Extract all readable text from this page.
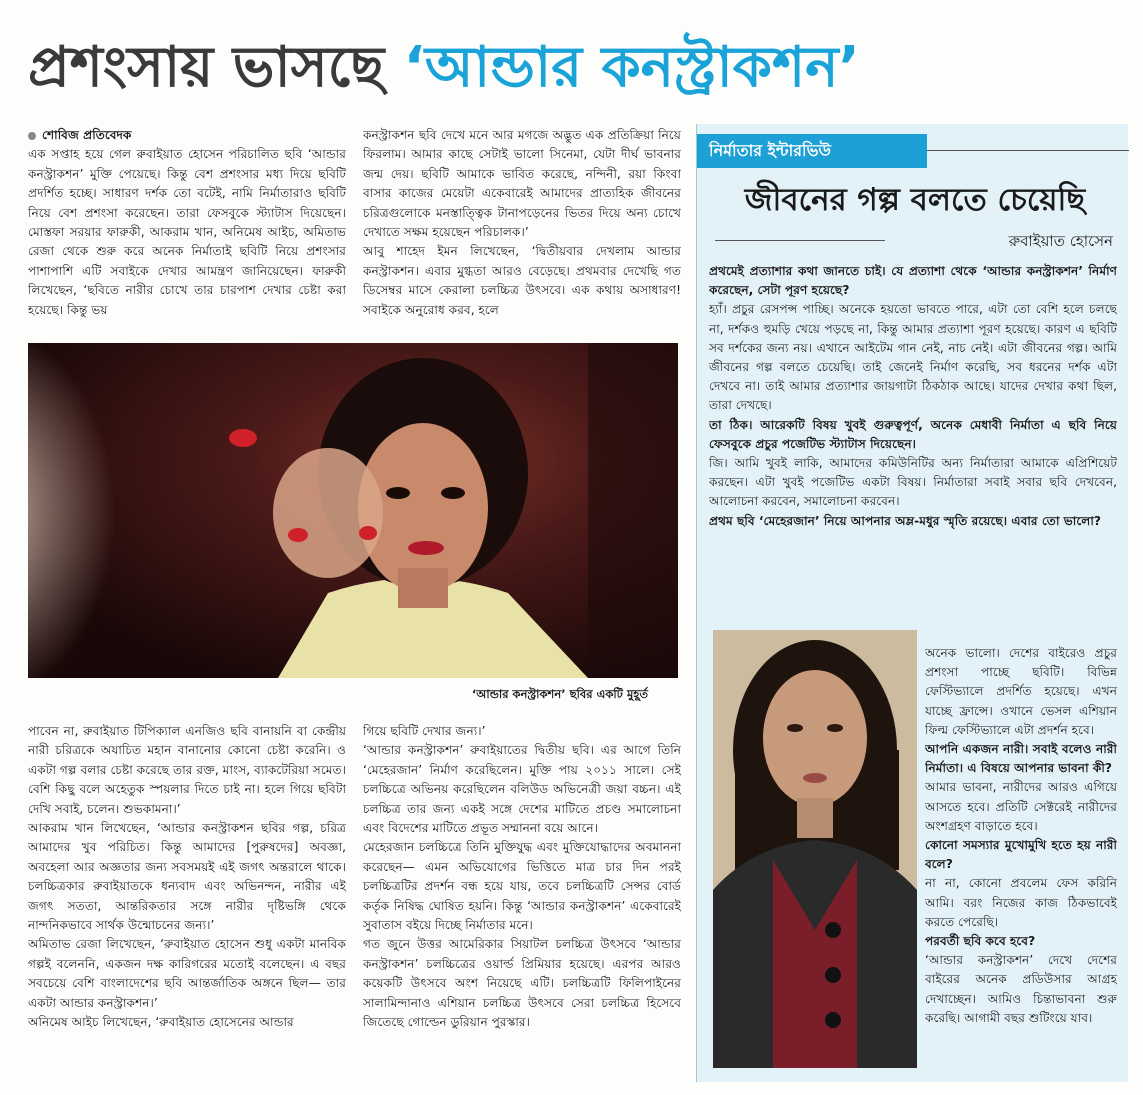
প্রশংসায় ভাসছে ‘আন্ডার কনস্ট্রাকশন’

শোবিজ প্রতিবেদক

এক সপ্তাহ হয়ে গেল রুবাইয়াত হোসেন পরিচালিত ছবি ‘আন্ডার কনস্ট্রাকশন’ মুক্তি পেয়েছে। কিন্তু বেশ প্রশংসার মধ্য দিয়ে ছবিটি প্রদর্শিত হচ্ছে। সাধারণ দর্শক তো বটেই, নামি নির্মাতারাও ছবিটি নিয়ে বেশ প্রশংসা করেছেন। তারা ফেসবুকে স্ট্যাটাস দিয়েছেন। মোস্তফা সরয়ার ফারুকী, আকরাম খান, অনিমেষ আইচ, অমিতাভ রেজা থেকে শুরু করে অনেক নির্মাতাই ছবিটি নিয়ে প্রশংসার পাশাপাশি এটি সবাইকে দেখার আমন্ত্রণ জানিয়েছেন। ফারুকী লিখেছেন, ‘ছবিতে নারীর চোখে তার চারপাশ দেখার চেষ্টা করা হয়েছে। কিন্তু ভয়

কনস্ট্রাকশন ছবি দেখে মনে আর মগজে অদ্ভুত এক প্রতিক্রিয়া নিয়ে ফিরলাম। আমার কাছে সেটাই ভালো সিনেমা, যেটা দীর্ঘ ভাবনার জন্ম দেয়। ছবিটি আমাকে ভাবিত করেছে, নন্দিনী, রয়া কিংবা বাসার কাজের মেয়েটা একেবারেই আমাদের প্রাত্যহিক জীবনের চরিত্রগুলোকে মনস্তাত্ত্বিক টানাপড়েনের ভিতর দিয়ে অন্য চোখে দেখাতে সক্ষম হয়েছেন পরিচালক।’

আবু শাহেদ ইমন লিখেছেন, ‘দ্বিতীয়বার দেখলাম আন্ডার কনস্ট্রাকশন। এবার মুগ্ধতা আরও বেড়েছে। প্রথমবার দেখেছি গত ডিসেম্বর মাসে কেরালা চলচ্চিত্র উৎসবে। এক কথায় অসাধারণ! সবাইকে অনুরোধ করব, হলে

‘আন্ডার কনস্ট্রাকশন’ ছবির একটি মুহূর্ত

পাবেন না, রুবাইয়াত টিপিক্যাল এনজিও ছবি বানায়নি বা কেন্দ্রীয় নারী চরিত্রকে অযাচিত মহান বানানোর কোনো চেষ্টা করেনি। ও একটা গল্প বলার চেষ্টা করেছে তার রক্ত, মাংস, ব্যাকটেরিয়া সমেত। বেশি কিছু বলে অহেতুক স্পয়লার দিতে চাই না। হলে গিয়ে ছবিটা দেখি সবাই, চলেন। শুভকামনা।’

আকরাম খান লিখেছেন, ‘আন্ডার কনস্ট্রাকশন ছবির গল্প, চরিত্র আমাদের খুব পরিচিত। কিন্তু আমাদের [পুরুষদের] অবজ্ঞা, অবহেলা আর অজ্ঞতার জন্য সবসময়ই এই জগৎ অন্তরালে থাকে। চলচ্চিত্রকার রুবাইয়াতকে ধন্যবাদ এবং অভিনন্দন, নারীর এই জগৎ সততা, আন্তরিকতার সঙ্গে নারীর দৃষ্টিভঙ্গি থেকে নান্দনিকভাবে সার্থক উন্মোচনের জন্য।’

অমিতাভ রেজা লিখেছেন, ‘রুবাইয়াত হোসেন শুধু একটা মানবিক গল্পই বলেননি, একজন দক্ষ কারিগরের মতোই বলেছেন। এ বছর সবচেয়ে বেশি বাংলাদেশের ছবি আন্তর্জাতিক অঙ্গনে ছিল— তার একটা আন্ডার কনস্ট্রাকশন।’

অনিমেষ আইচ লিখেছেন, ‘রুবাইয়াত হোসেনের আন্ডার

গিয়ে ছবিটি দেখার জন্য।’

‘আন্ডার কনস্ট্রাকশন’ রুবাইয়াতের দ্বিতীয় ছবি। এর আগে তিনি ‘মেহেরজান’ নির্মাণ করেছিলেন। মুক্তি পায় ২০১১ সালে। সেই চলচ্চিত্রে অভিনয় করেছিলেন বলিউড অভিনেত্রী জয়া বচ্চন। এই চলচ্চিত্র তার জন্য একই সঙ্গে দেশের মাটিতে প্রচণ্ড সমালোচনা এবং বিদেশের মাটিতে প্রভূত সম্মাননা বয়ে আনে।

মেহেরজান চলচ্চিত্রে তিনি মুক্তিযুদ্ধ এবং মুক্তিযোদ্ধাদের অবমাননা করেছেন— এমন অভিযোগের ভিত্তিতে মাত্র চার দিন পরই চলচ্চিত্রটির প্রদর্শন বন্ধ হয়ে যায়, তবে চলচ্চিত্রটি সেন্সর বোর্ড কর্তৃক নিষিদ্ধ ঘোষিত হয়নি। কিন্তু ‘আন্ডার কনস্ট্রাকশন’ একেবারেই সুবাতাস বইয়ে দিচ্ছে নির্মাতার মনে।

গত জুনে উত্তর আমেরিকার সিয়াটল চলচ্চিত্র উৎসবে ‘আন্ডার কনস্ট্রাকশন’ চলচ্চিত্রের ওয়ার্ল্ড প্রিমিয়ার হয়েছে। এরপর আরও কয়েকটি উৎসবে অংশ নিয়েছে এটি। চলচ্চিত্রটি ফিলিপাইনের সালামিন্দানাও এশিয়ান চলচ্চিত্র উৎসবে সেরা চলচ্চিত্র হিসেবে জিতেছে গোল্ডেন ডুরিয়ান পুরস্কার।

নির্মাতার ইন্টারভিউ
জীবনের গল্প বলতে চেয়েছি
রুবাইয়াত হোসেন

প্রথমেই প্রত্যাশার কথা জানতে চাই। যে প্রত্যাশা থেকে ‘আন্ডার কনস্ট্রাকশন’ নির্মাণ করেছেন, সেটা পূরণ হয়েছে?

হ্যাঁ। প্রচুর রেসপন্স পাচ্ছি। অনেকে হয়তো ভাবতে পারে, এটা তো বেশি হলে চলছে না, দর্শকও হুমড়ি খেয়ে পড়ছে না, কিন্তু আমার প্রত্যাশা পূরণ হয়েছে। কারণ এ ছবিটি সব দর্শকের জন্য নয়। এখানে আইটেম গান নেই, নাচ নেই। এটা জীবনের গল্প। আমি জীবনের গল্প বলতে চেয়েছি। তাই জেনেই নির্মাণ করেছি, সব ধরনের দর্শক এটা দেখবে না। তাই আমার প্রত্যাশার জায়গাটা ঠিকঠাক আছে। যাদের দেখার কথা ছিল, তারা দেখছে।

তা ঠিক। আরেকটি বিষয় খুবই গুরুত্বপূর্ণ, অনেক মেধাবী নির্মাতা এ ছবি নিয়ে ফেসবুকে প্রচুর পজেটিভ স্ট্যাটাস দিয়েছেন।

জি। আমি খুবই লাকি, আমাদের কমিউনিটির অন্য নির্মাতারা আমাকে এপ্রিশিয়েট করছেন। এটা খুবই পজেটিভ একটা বিষয়। নির্মাতারা সবাই সবার ছবি দেখবেন, আলোচনা করবেন, সমালোচনা করবেন।

প্রথম ছবি ‘মেহেরজান’ নিয়ে আপনার অম্ল-মধুর স্মৃতি রয়েছে। এবার তো ভালো?

অনেক ভালো। দেশের বাইরেও প্রচুর প্রশংসা পাচ্ছে ছবিটি। বিভিন্ন ফেস্টিভ্যালে প্রদর্শিত হয়েছে। এখন যাচ্ছে ফ্রান্সে। ওখানে ভেসল এশিয়ান ফিল্ম ফেস্টিভ্যালে এটা প্রদর্শন হবে।

আপনি একজন নারী। সবাই বলেও নারী নির্মাতা। এ বিষয়ে আপনার ভাবনা কী?

আমার ভাবনা, নারীদের আরও এগিয়ে আসতে হবে। প্রতিটি সেক্টরেই নারীদের অংশগ্রহণ বাড়াতে হবে।

কোনো সমস্যার মুখোমুখি হতে হয় নারী বলে?

না না, কোনো প্রবলেম ফেস করিনি আমি। বরং নিজের কাজ ঠিকভাবেই করতে পেরেছি।

পরবর্তী ছবি কবে হবে?

‘আন্ডার কনস্ট্রাকশন’ দেখে দেশের বাইরের অনেক প্রডিউসার আগ্রহ দেখাচ্ছেন। আমিও চিন্তাভাবনা শুরু করেছি। আগামী বছর শুটিংয়ে যাব।
